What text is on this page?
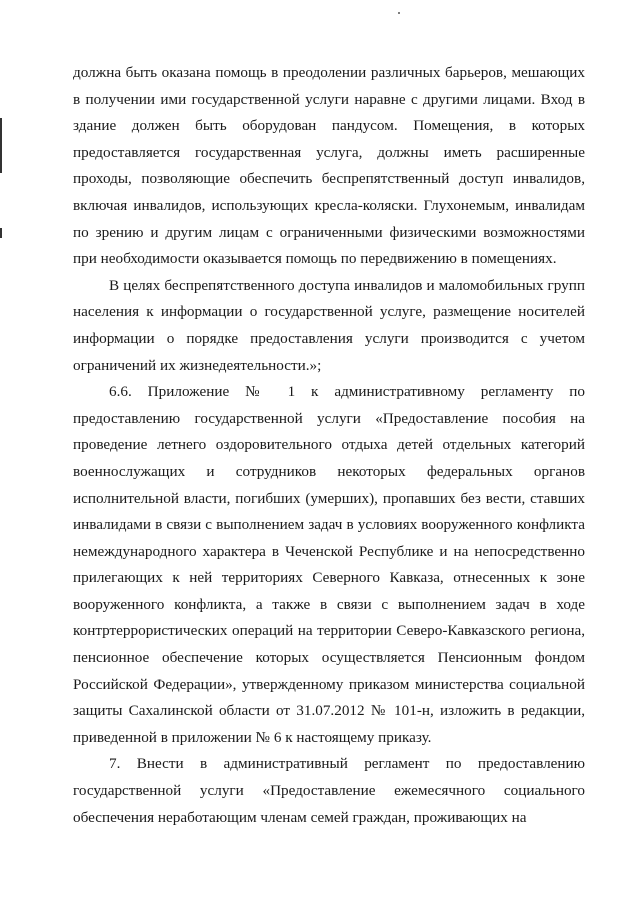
должна быть оказана помощь в преодолении различных барьеров, мешающих в получении ими государственной услуги наравне с другими лицами. Вход в здание должен быть оборудован пандусом. Помещения, в которых предоставляется государственная услуга, должны иметь расширенные проходы, позволяющие обеспечить беспрепятственный доступ инвалидов, включая инвалидов, использующих кресла-коляски. Глухонемым, инвалидам по зрению и другим лицам с ограниченными физическими возможностями при необходимости оказывается помощь по передвижению в помещениях.

В целях беспрепятственного доступа инвалидов и маломобильных групп населения к информации о государственной услуге, размещение носителей информации о порядке предоставления услуги производится с учетом ограничений их жизнедеятельности.»;

6.6. Приложение № 1 к административному регламенту по предоставлению государственной услуги «Предоставление пособия на проведение летнего оздоровительного отдыха детей отдельных категорий военнослужащих и сотрудников некоторых федеральных органов исполнительной власти, погибших (умерших), пропавших без вести, ставших инвалидами в связи с выполнением задач в условиях вооруженного конфликта немеждународного характера в Чеченской Республике и на непосредственно прилегающих к ней территориях Северного Кавказа, отнесенных к зоне вооруженного конфликта, а также в связи с выполнением задач в ходе контртеррористических операций на территории Северо-Кавказского региона, пенсионное обеспечение которых осуществляется Пенсионным фондом Российской Федерации», утвержденному приказом министерства социальной защиты Сахалинской области от 31.07.2012 № 101-н, изложить в редакции, приведенной в приложении № 6 к настоящему приказу.

7. Внести в административный регламент по предоставлению государственной услуги «Предоставление ежемесячного социального обеспечения неработающим членам семей граждан, проживающих на
